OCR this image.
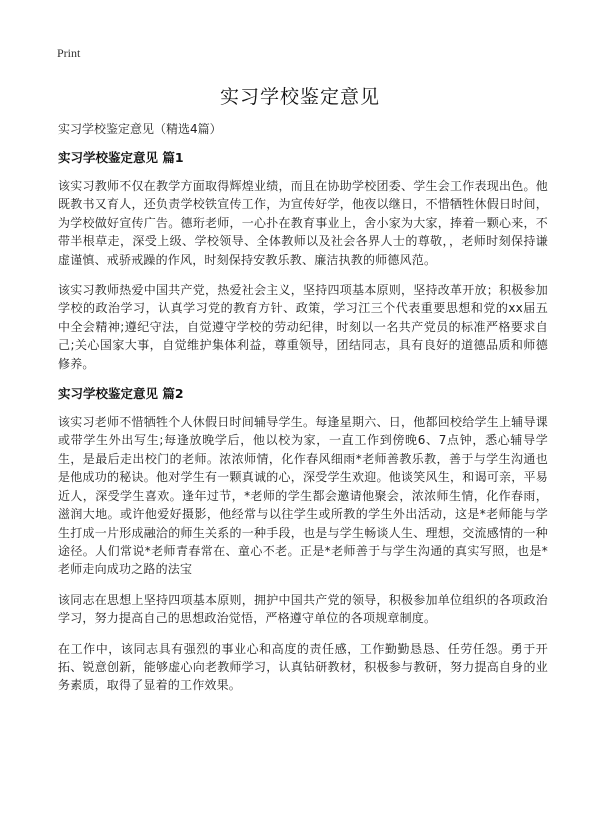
Print
实习学校鉴定意见

实习学校鉴定意见（精选4篇）

实习学校鉴定意见 篇1

该实习教师不仅在教学方面取得辉煌业绩，而且在协助学校团委、学生会工作表现出色。他既教书又育人，还负责学校铁宣传工作，为宣传好学，他夜以继日，不惜牺牲休假日时间，为学校做好宣传广告。德珩老师，一心扑在教育事业上，舍小家为大家，捧着一颗心来，不带半根草走，深受上级、学校领导、全体教师以及社会各界人士的尊敬，，老师时刻保持谦虚谨慎、戒骄戒躁的作风，时刻保持安教乐教、廉洁执教的师德风范。

该实习教师热爱中国共产党，热爱社会主义，坚持四项基本原则，坚持改革开放；积极参加学校的政治学习，认真学习党的教育方针、政策，学习江三个代表重要思想和党的xx届五中全会精神;遵纪守法，自觉遵守学校的劳动纪律，时刻以一名共产党员的标准严格要求自己;关心国家大事，自觉维护集体利益，尊重领导，团结同志，具有良好的道德品质和师德修养。

实习学校鉴定意见 篇2

该实习老师不惜牺牲个人休假日时间辅导学生。每逢星期六、日，他都回校给学生上辅导课或带学生外出写生;每逢放晚学后，他以校为家，一直工作到傍晚6、7点钟，悉心辅导学生，是最后走出校门的老师。浓浓师情，化作春风细雨*老师善教乐教，善于与学生沟通也是他成功的秘诀。他对学生有一颗真诚的心，深受学生欢迎。他谈笑风生，和谒可亲，平易近人，深受学生喜欢。逢年过节，*老师的学生都会邀请他聚会，浓浓师生情，化作春雨，滋润大地。或许他爱好摄影，他经常与以往学生或所教的学生外出活动，这是*老师能与学生打成一片形成融洽的师生关系的一种手段，也是与学生畅谈人生、理想，交流感情的一种途径。人们常说*老师青春常在、童心不老。正是*老师善于与学生沟通的真实写照，也是*老师走向成功之路的法宝

该同志在思想上坚持四项基本原则，拥护中国共产党的领导，积极参加单位组织的各项政治学习，努力提高自己的思想政治觉悟，严格遵守单位的各项规章制度。

在工作中，该同志具有强烈的事业心和高度的责任感，工作勤勤恳恳、任劳任怨。勇于开拓、锐意创新，能够虚心向老教师学习，认真钻研教材，积极参与教研，努力提高自身的业务素质，取得了显着的工作效果。
